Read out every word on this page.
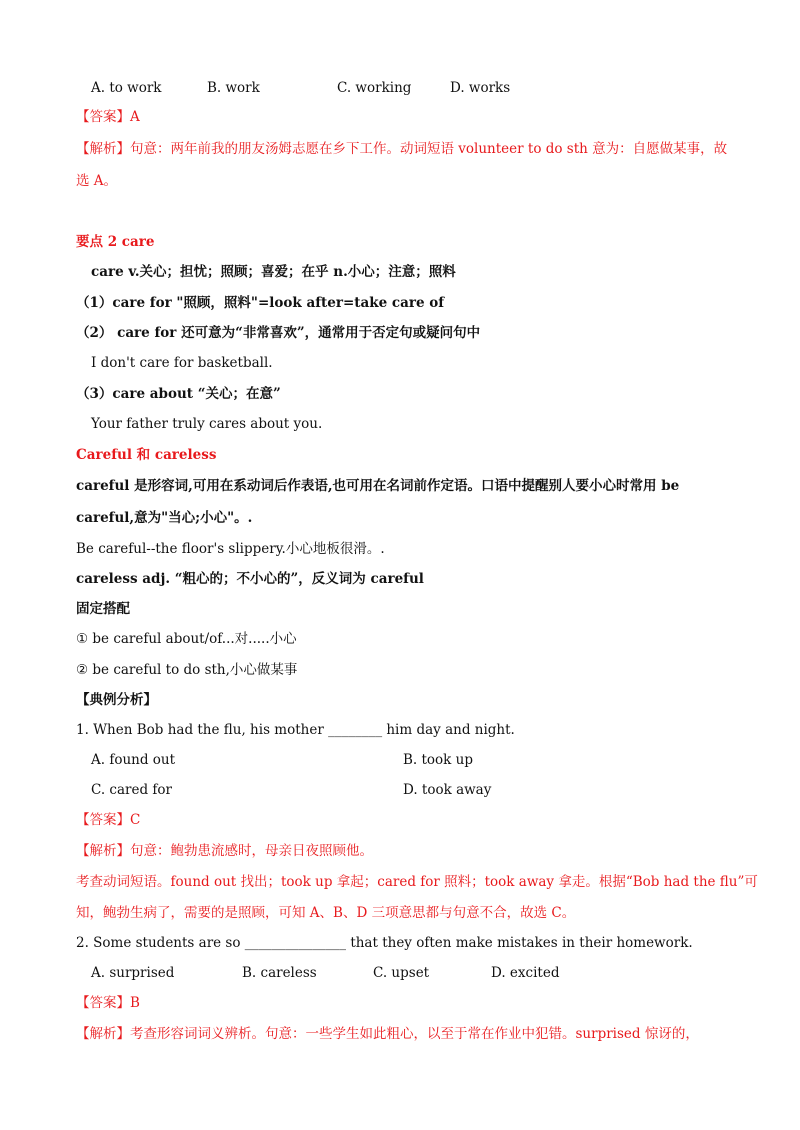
A. to work	B. work	C. working	D. works
【答案】A
【解析】句意：两年前我的朋友汤姆志愿在乡下工作。动词短语 volunteer to do sth 意为：自愿做某事，故
选 A。
要点 2 care
care v.关心；担忧；照顾；喜爱；在乎 n.小心；注意；照料
（1）care for "照顾，照料"=look after=take care of
（2） care for 还可意为“非常喜欢”，通常用于否定句或疑问句中
I don't care for basketball.
（3）care about “关心；在意”
Your father truly cares about you.
Careful 和 careless
careful 是形容词,可用在系动词后作表语,也可用在名词前作定语。口语中提醒别人要小心时常用 be
careful,意为"当心;小心"。.
Be careful--the floor's slippery.小心地板很滑。.
careless adj. “粗心的；不小心的”，反义词为 careful
固定搭配
① be careful about/of...对.....小心
② be careful to do sth,小心做某事
【典例分析】
1. When Bob had the flu, his mother ________ him day and night.
A. found out	B. took up
C. cared for	D. took away
【答案】C
【解析】句意：鲍勃患流感时，母亲日夜照顾他。
考查动词短语。found out 找出；took up 拿起；cared for 照料；took away 拿走。根据“Bob had the flu”可
知，鲍勃生病了，需要的是照顾，可知 A、B、D 三项意思都与句意不合，故选 C。
2. Some students are so _______________ that they often make mistakes in their homework.
A. surprised	B. careless	C. upset	D. excited
【答案】B
【解析】考查形容词词义辨析。句意：一些学生如此粗心，以至于常在作业中犯错。surprised 惊讶的，
